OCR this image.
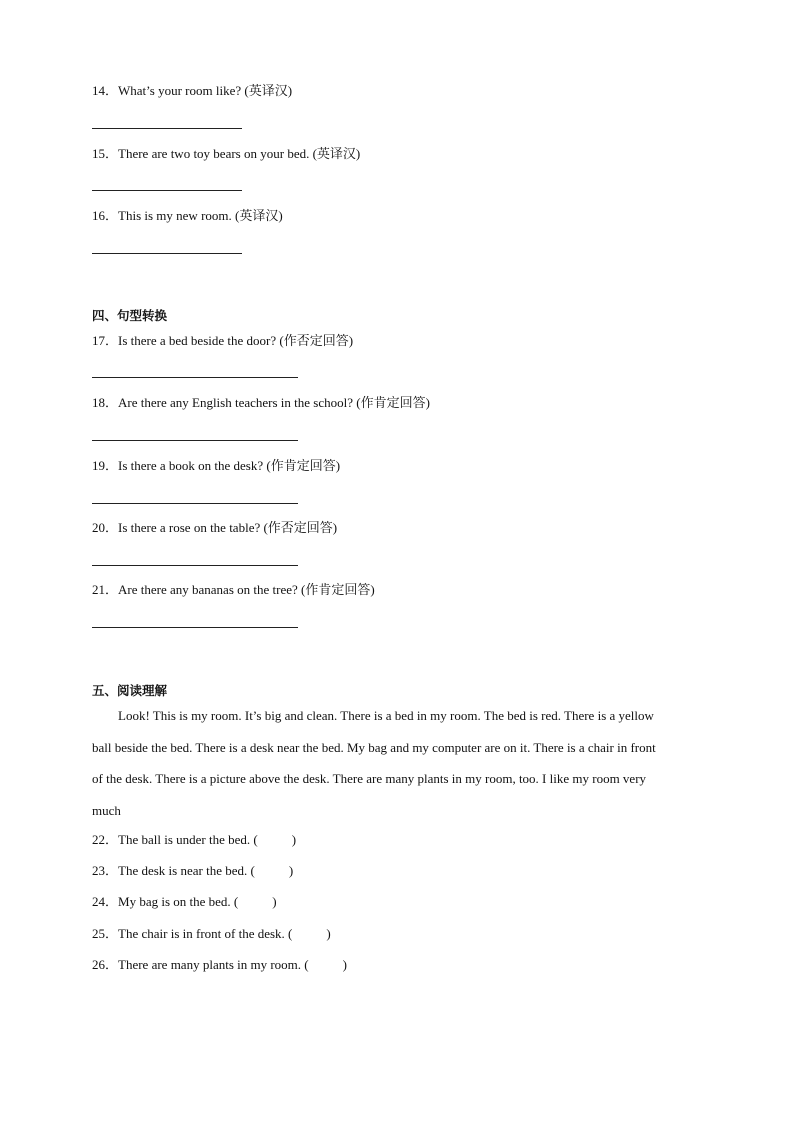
14．What’s your room like? (英译汉)
15．There are two toy bears on your bed. (英译汉)
16．This is my new room. (英译汉)
四、句型转换
17．Is there a bed beside the door? (作否定回答)
18．Are there any English teachers in the school? (作肯定回答)
19．Is there a book on the desk? (作肯定回答)
20．Is there a rose on the table? (作否定回答)
21．Are there any bananas on the tree? (作肯定回答)
五、阅读理解
Look! This is my room. It’s big and clean. There is a bed in my room. The bed is red. There is a yellow
ball beside the bed. There is a desk near the bed. My bag and my computer are on it. There is a chair in front
of the desk. There is a picture above the desk. There are many plants in my room, too. I like my room very
much
22．The ball is under the bed. (	)
23．The desk is near the bed. (	)
24．My bag is on the bed. (	)
25．The chair is in front of the desk. (	)
26．There are many plants in my room. (	)
